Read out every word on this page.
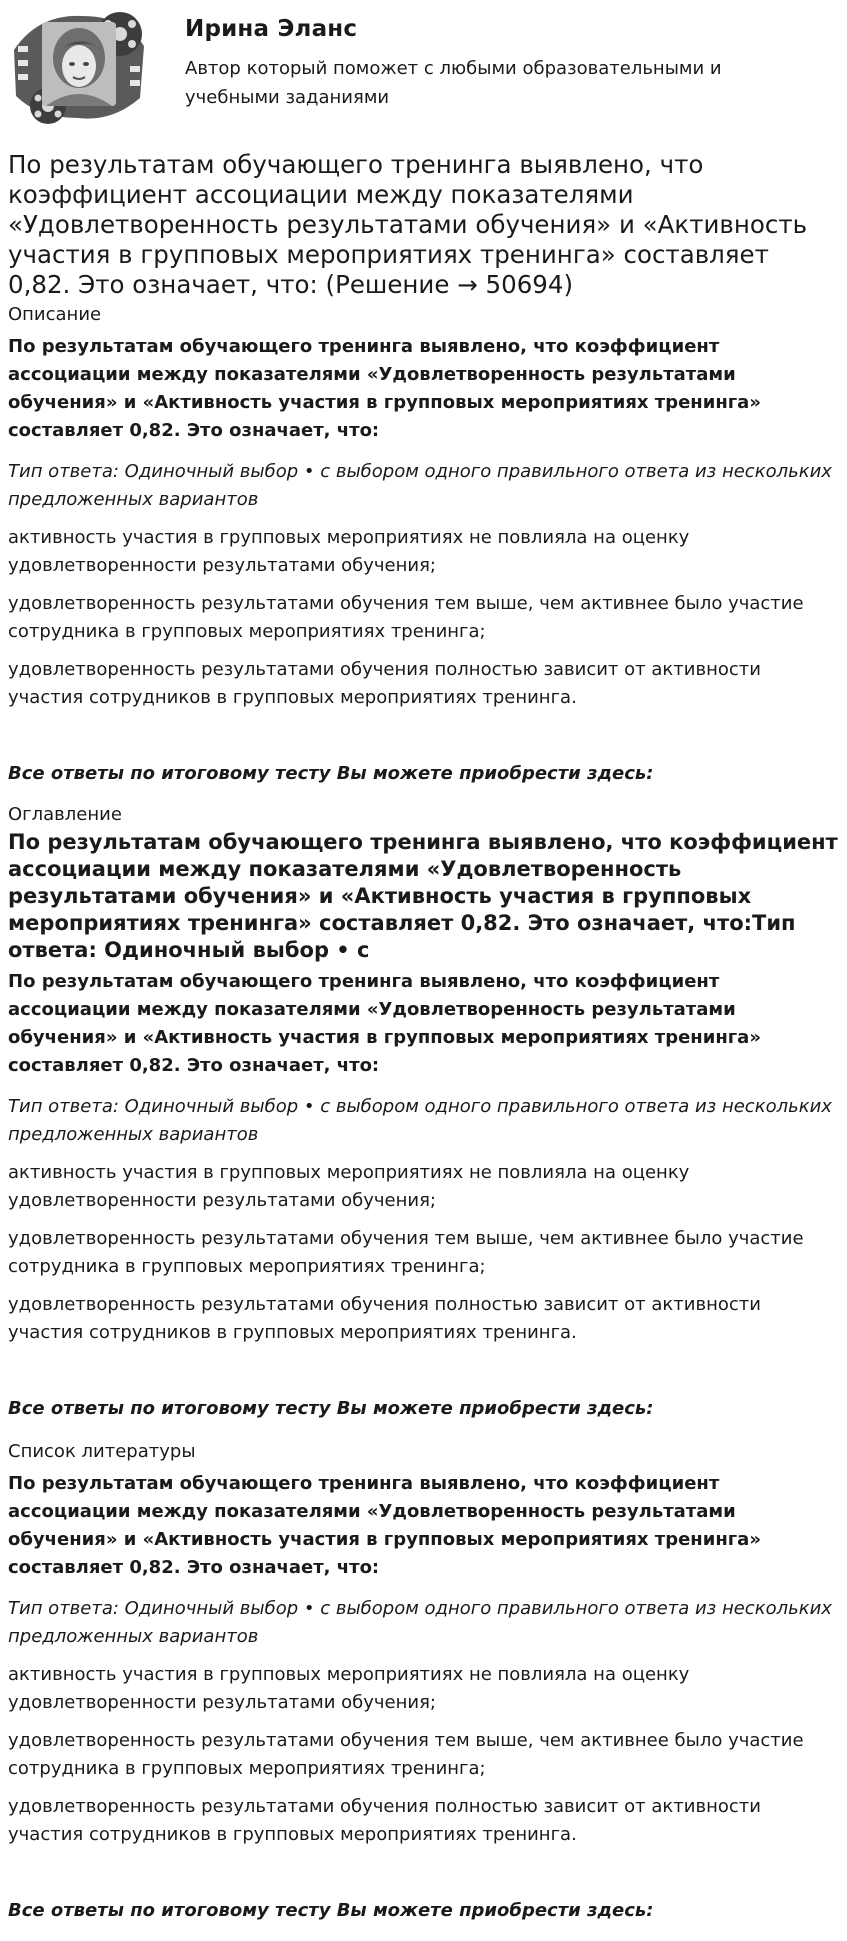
Ирина Эланс
Автор который поможет с любыми образовательными и учебными заданиями
По результатам обучающего тренинга выявлено, что коэффициент ассоциации между показателями «Удовлетворенность результатами обучения» и «Активность участия в групповых мероприятиях тренинга» составляет 0,82. Это означает, что: (Решение → 50694)
Описание

По результатам обучающего тренинга выявлено, что коэффициент ассоциации между показателями «Удовлетворенность результатами обучения» и «Активность участия в групповых мероприятиях тренинга» составляет 0,82. Это означает, что:

Тип ответа: Одиночный выбор • с выбором одного правильного ответа из нескольких предложенных вариантов

активность участия в групповых мероприятиях не повлияла на оценку удовлетворенности результатами обучения;

удовлетворенность результатами обучения тем выше, чем активнее было участие сотрудника в групповых мероприятиях тренинга;

удовлетворенность результатами обучения полностью зависит от активности участия сотрудников в групповых мероприятиях тренинга.

Все ответы по итоговому тесту Вы можете приобрести здесь:

Оглавление

По результатам обучающего тренинга выявлено, что коэффициент ассоциации между показателями «Удовлетворенность результатами обучения» и «Активность участия в групповых мероприятиях тренинга» составляет 0,82. Это означает, что:Тип ответа: Одиночный выбор • с

По результатам обучающего тренинга выявлено, что коэффициент ассоциации между показателями «Удовлетворенность результатами обучения» и «Активность участия в групповых мероприятиях тренинга» составляет 0,82. Это означает, что:

Тип ответа: Одиночный выбор • с выбором одного правильного ответа из нескольких предложенных вариантов

активность участия в групповых мероприятиях не повлияла на оценку удовлетворенности результатами обучения;

удовлетворенность результатами обучения тем выше, чем активнее было участие сотрудника в групповых мероприятиях тренинга;

удовлетворенность результатами обучения полностью зависит от активности участия сотрудников в групповых мероприятиях тренинга.

Все ответы по итоговому тесту Вы можете приобрести здесь:

Список литературы

По результатам обучающего тренинга выявлено, что коэффициент ассоциации между показателями «Удовлетворенность результатами обучения» и «Активность участия в групповых мероприятиях тренинга» составляет 0,82. Это означает, что:

Тип ответа: Одиночный выбор • с выбором одного правильного ответа из нескольких предложенных вариантов

активность участия в групповых мероприятиях не повлияла на оценку удовлетворенности результатами обучения;

удовлетворенность результатами обучения тем выше, чем активнее было участие сотрудника в групповых мероприятиях тренинга;

удовлетворенность результатами обучения полностью зависит от активности участия сотрудников в групповых мероприятиях тренинга.

Все ответы по итоговому тесту Вы можете приобрести здесь:
